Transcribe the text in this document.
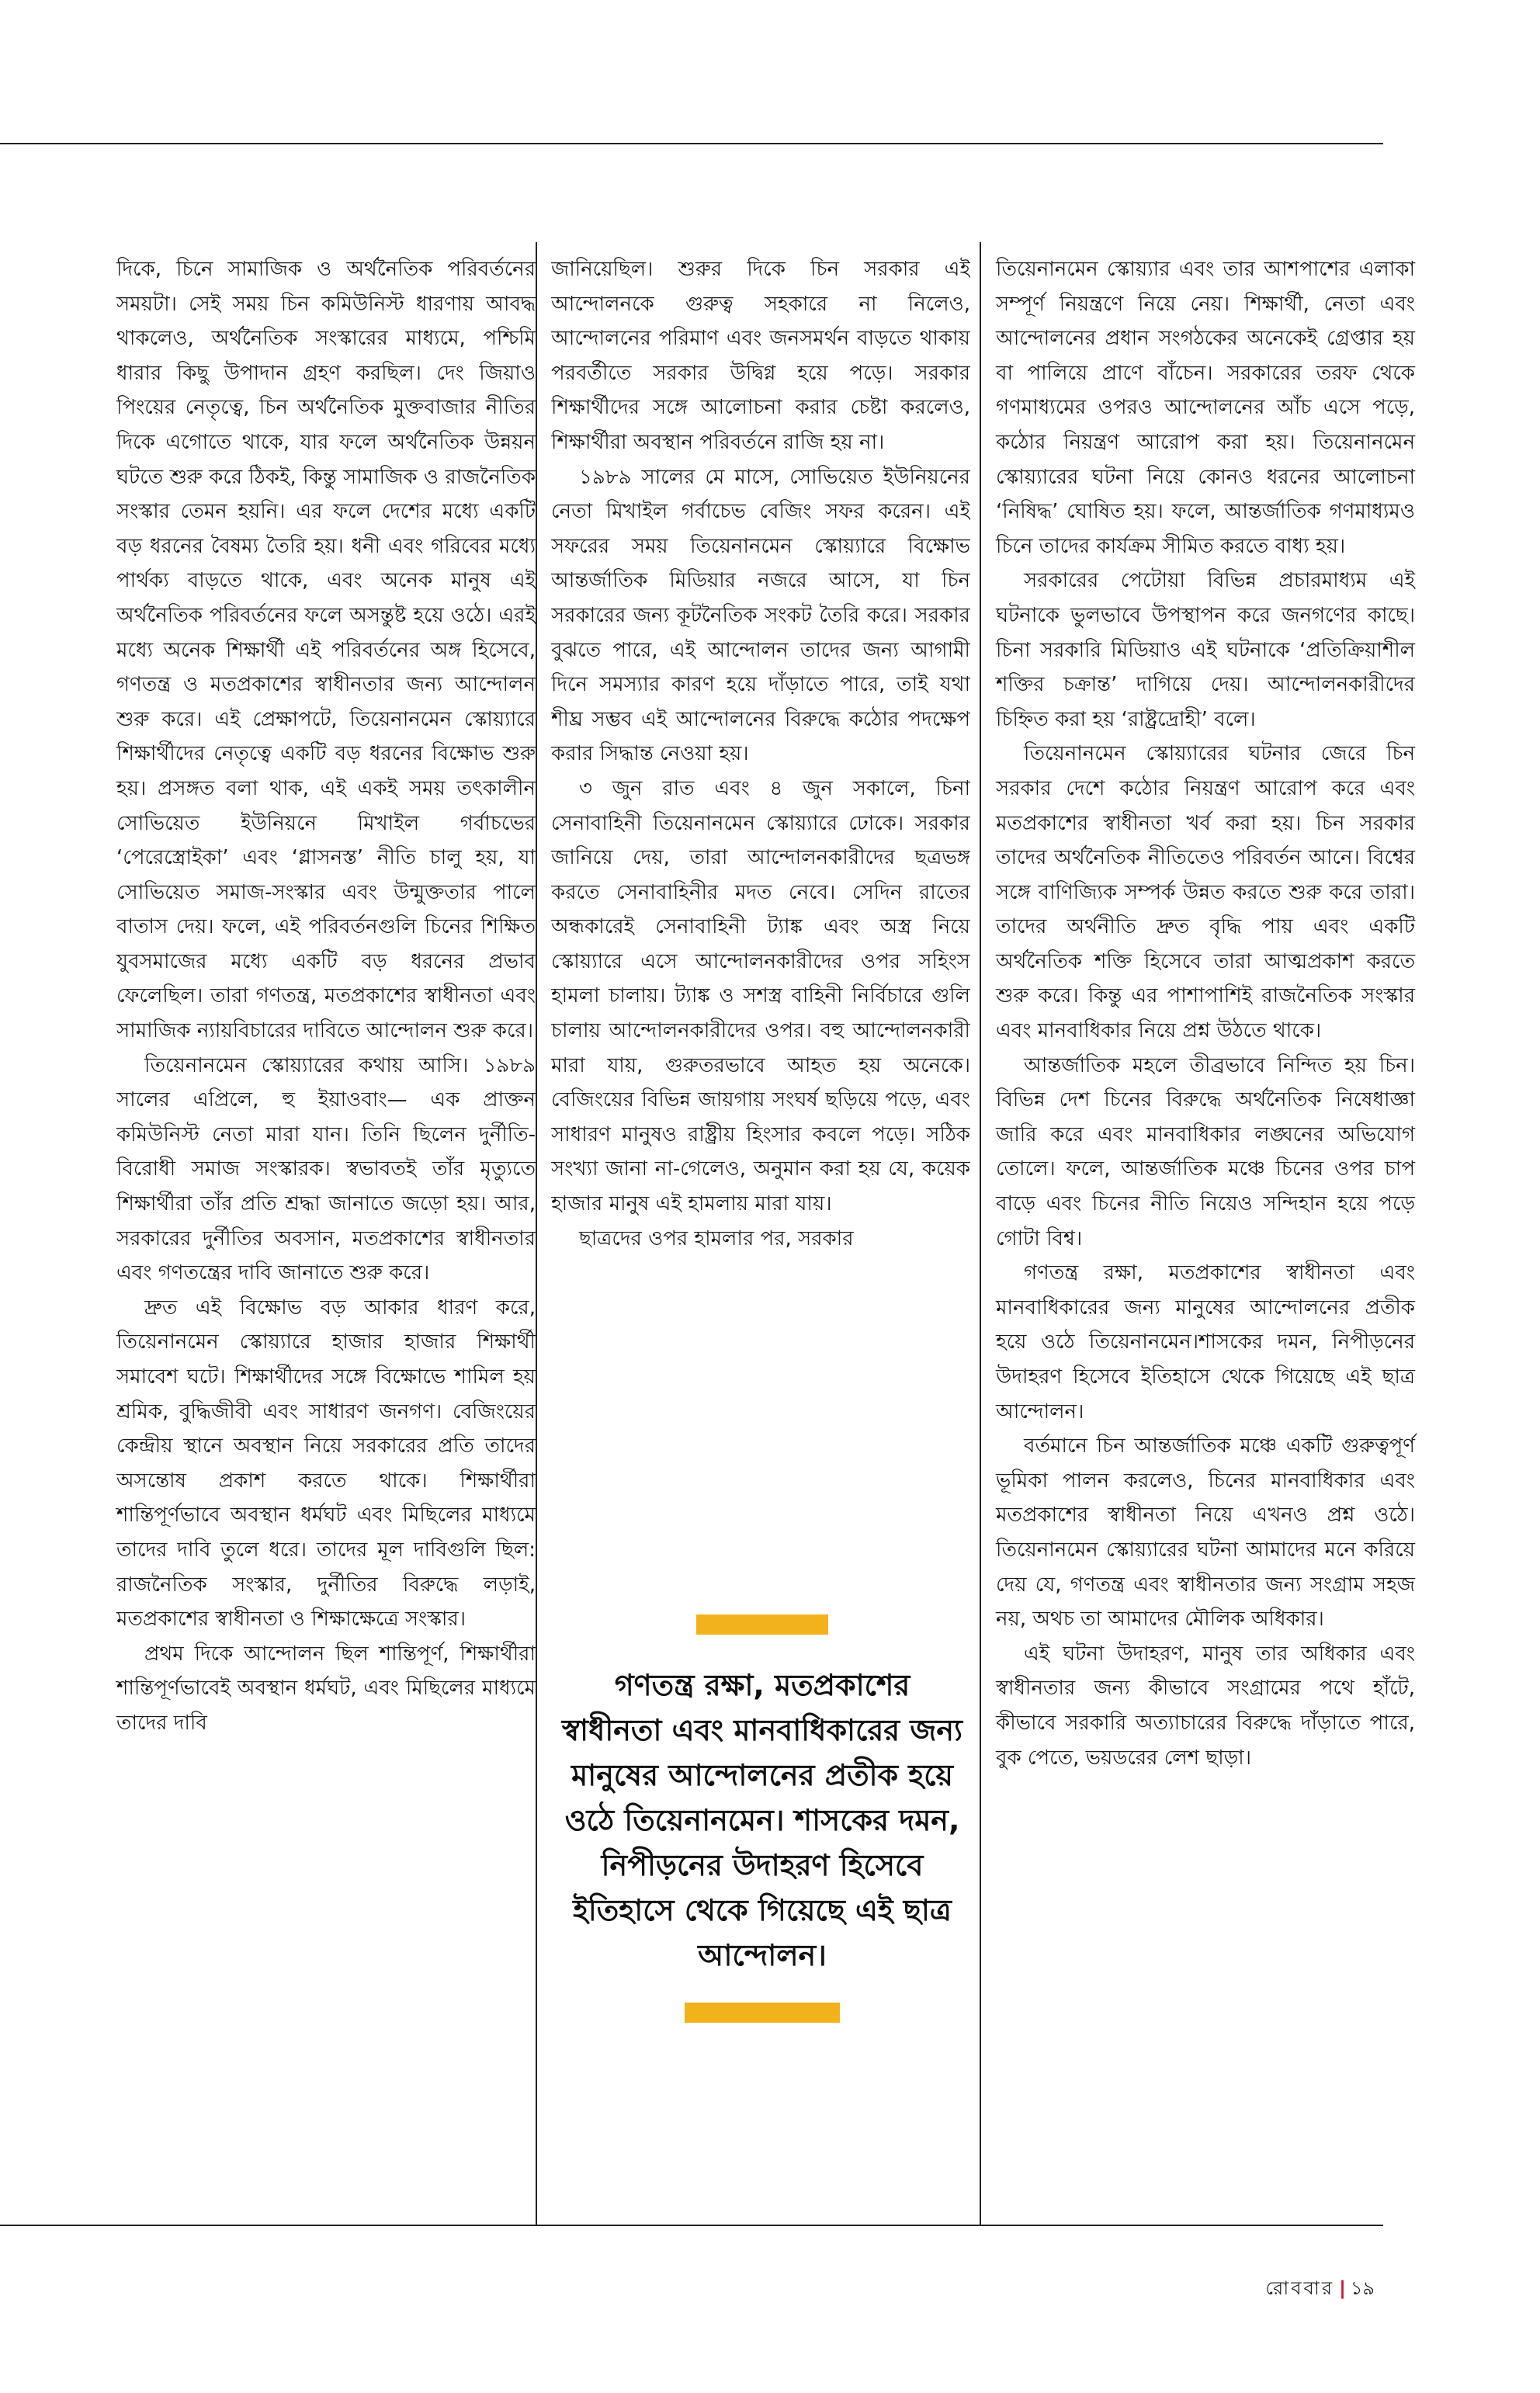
দিকে, চিনে সামাজিক ও অর্থনৈতিক পরিবর্তনের সময়টা। সেই সময় চিন কমিউনিস্ট ধারণায় আবদ্ধ থাকলেও, অর্থনৈতিক সংস্কারের মাধ্যমে, পশ্চিমি ধারার কিছু উপাদান গ্রহণ করছিল। দেং জিয়াও পিংয়ের নেতৃত্বে, চিন অর্থনৈতিক মুক্তবাজার নীতির দিকে এগোতে থাকে, যার ফলে অর্থনৈতিক উন্নয়ন ঘটতে শুরু করে ঠিকই, কিন্তু সামাজিক ও রাজনৈতিক সংস্কার তেমন হয়নি। এর ফলে দেশের মধ্যে একটি বড় ধরনের বৈষম্য তৈরি হয়। ধনী এবং গরিবের মধ্যে পার্থক্য বাড়তে থাকে, এবং অনেক মানুষ এই অর্থনৈতিক পরিবর্তনের ফলে অসন্তুষ্ট হয়ে ওঠে। এরই মধ্যে অনেক শিক্ষার্থী এই পরিবর্তনের অঙ্গ হিসেবে, গণতন্ত্র ও মতপ্রকাশের স্বাধীনতার জন্য আন্দোলন শুরু করে। এই প্রেক্ষাপটে, তিয়েনানমেন স্কোয়্যারে শিক্ষার্থীদের নেতৃত্বে একটি বড় ধরনের বিক্ষোভ শুরু হয়। প্রসঙ্গত বলা থাক, এই একই সময় তৎকালীন সোভিয়েত ইউনিয়নে মিখাইল গর্বাচভের ‘পেরেস্ত্রোইকা’ এবং ‘গ্লাসনস্ত’ নীতি চালু হয়, যা সোভিয়েত সমাজ-সংস্কার এবং উন্মুক্ততার পালে বাতাস দেয়। ফলে, এই পরিবর্তনগুলি চিনের শিক্ষিত যুবসমাজের মধ্যে একটি বড় ধরনের প্রভাব ফেলেছিল। তারা গণতন্ত্র, মতপ্রকাশের স্বাধীনতা এবং সামাজিক ন্যায়বিচারের দাবিতে আন্দোলন শুরু করে।

তিয়েনানমেন স্কোয়্যারের কথায় আসি। ১৯৮৯ সালের এপ্রিলে, হু ইয়াওবাং— এক প্রাক্তন কমিউনিস্ট নেতা মারা যান। তিনি ছিলেন দুর্নীতি-বিরোধী সমাজ সংস্কারক। স্বভাবতই তাঁর মৃত্যুতে শিক্ষার্থীরা তাঁর প্রতি শ্রদ্ধা জানাতে জড়ো হয়। আর, সরকারের দুর্নীতির অবসান, মতপ্রকাশের স্বাধীনতার এবং গণতন্ত্রের দাবি জানাতে শুরু করে।

দ্রুত এই বিক্ষোভ বড় আকার ধারণ করে, তিয়েনানমেন স্কোয়্যারে হাজার হাজার শিক্ষার্থী সমাবেশ ঘটে। শিক্ষার্থীদের সঙ্গে বিক্ষোভে শামিল হয় শ্রমিক, বুদ্ধিজীবী এবং সাধারণ জনগণ। বেজিংয়ের কেন্দ্রীয় স্থানে অবস্থান নিয়ে সরকারের প্রতি তাদের অসন্তোষ প্রকাশ করতে থাকে। শিক্ষার্থীরা শান্তিপূর্ণভাবে অবস্থান ধর্মঘট এবং মিছিলের মাধ্যমে তাদের দাবি তুলে ধরে। তাদের মূল দাবিগুলি ছিল: রাজনৈতিক সংস্কার, দুর্নীতির বিরুদ্ধে লড়াই, মতপ্রকাশের স্বাধীনতা ও শিক্ষাক্ষেত্রে সংস্কার।

প্রথম দিকে আন্দোলন ছিল শান্তিপূর্ণ, শিক্ষার্থীরা শান্তিপূর্ণভাবেই অবস্থান ধর্মঘট, এবং মিছিলের মাধ্যমে তাদের দাবি

জানিয়েছিল। শুরুর দিকে চিন সরকার এই আন্দোলনকে গুরুত্ব সহকারে না নিলেও, আন্দোলনের পরিমাণ এবং জনসমর্থন বাড়তে থাকায় পরবর্তীতে সরকার উদ্বিগ্ন হয়ে পড়ে। সরকার শিক্ষার্থীদের সঙ্গে আলোচনা করার চেষ্টা করলেও, শিক্ষার্থীরা অবস্থান পরিবর্তনে রাজি হয় না।

১৯৮৯ সালের মে মাসে, সোভিয়েত ইউনিয়নের নেতা মিখাইল গর্বাচেভ বেজিং সফর করেন। এই সফরের সময় তিয়েনানমেন স্কোয়্যারে বিক্ষোভ আন্তর্জাতিক মিডিয়ার নজরে আসে, যা চিন সরকারের জন্য কূটনৈতিক সংকট তৈরি করে। সরকার বুঝতে পারে, এই আন্দোলন তাদের জন্য আগামী দিনে সমস্যার কারণ হয়ে দাঁড়াতে পারে, তাই যথা শীঘ্র সম্ভব এই আন্দোলনের বিরুদ্ধে কঠোর পদক্ষেপ করার সিদ্ধান্ত নেওয়া হয়।

৩ জুন রাত এবং ৪ জুন সকালে, চিনা সেনাবাহিনী তিয়েনানমেন স্কোয়্যারে ঢোকে। সরকার জানিয়ে দেয়, তারা আন্দোলনকারীদের ছত্রভঙ্গ করতে সেনাবাহিনীর মদত নেবে। সেদিন রাতের অন্ধকারেই সেনাবাহিনী ট্যাঙ্ক এবং অস্ত্র নিয়ে স্কোয়্যারে এসে আন্দোলনকারীদের ওপর সহিংস হামলা চালায়। ট্যাঙ্ক ও সশস্ত্র বাহিনী নির্বিচারে গুলি চালায় আন্দোলনকারীদের ওপর। বহু আন্দোলনকারী মারা যায়, গুরুতরভাবে আহত হয় অনেকে। বেজিংয়ের বিভিন্ন জায়গায় সংঘর্ষ ছড়িয়ে পড়ে, এবং সাধারণ মানুষও রাষ্ট্রীয় হিংসার কবলে পড়ে। সঠিক সংখ্যা জানা না-গেলেও, অনুমান করা হয় যে, কয়েক হাজার মানুষ এই হামলায় মারা যায়।

ছাত্রদের ওপর হামলার পর, সরকার

গণতন্ত্র রক্ষা, মতপ্রকাশের স্বাধীনতা এবং মানবাধিকারের জন্য মানুষের আন্দোলনের প্রতীক হয়ে ওঠে তিয়েনানমেন। শাসকের দমন, নিপীড়নের উদাহরণ হিসেবে ইতিহাসে থেকে গিয়েছে এই ছাত্র আন্দোলন।

তিয়েনানমেন স্কোয়্যার এবং তার আশপাশের এলাকা সম্পূর্ণ নিয়ন্ত্রণে নিয়ে নেয়। শিক্ষার্থী, নেতা এবং আন্দোলনের প্রধান সংগঠকের অনেকেই গ্রেপ্তার হয় বা পালিয়ে প্রাণে বাঁচেন। সরকারের তরফ থেকে গণমাধ্যমের ওপরও আন্দোলনের আঁচ এসে পড়ে, কঠোর নিয়ন্ত্রণ আরোপ করা হয়। তিয়েনানমেন স্কোয়্যারের ঘটনা নিয়ে কোনও ধরনের আলোচনা ‘নিষিদ্ধ’ ঘোষিত হয়। ফলে, আন্তর্জাতিক গণমাধ্যমও চিনে তাদের কার্যক্রম সীমিত করতে বাধ্য হয়।

সরকারের পেটোয়া বিভিন্ন প্রচারমাধ্যম এই ঘটনাকে ভুলভাবে উপস্থাপন করে জনগণের কাছে। চিনা সরকারি মিডিয়াও এই ঘটনাকে ‘প্রতিক্রিয়াশীল শক্তির চক্রান্ত’ দাগিয়ে দেয়। আন্দোলনকারীদের চিহ্নিত করা হয় ‘রাষ্ট্রদ্রোহী’ বলে।

তিয়েনানমেন স্কোয়্যারের ঘটনার জেরে চিন সরকার দেশে কঠোর নিয়ন্ত্রণ আরোপ করে এবং মতপ্রকাশের স্বাধীনতা খর্ব করা হয়। চিন সরকার তাদের অর্থনৈতিক নীতিতেও পরিবর্তন আনে। বিশ্বের সঙ্গে বাণিজ্যিক সম্পর্ক উন্নত করতে শুরু করে তারা। তাদের অর্থনীতি দ্রুত বৃদ্ধি পায় এবং একটি অর্থনৈতিক শক্তি হিসেবে তারা আত্মপ্রকাশ করতে শুরু করে। কিন্তু এর পাশাপাশিই রাজনৈতিক সংস্কার এবং মানবাধিকার নিয়ে প্রশ্ন উঠতে থাকে।

আন্তর্জাতিক মহলে তীব্রভাবে নিন্দিত হয় চিন। বিভিন্ন দেশ চিনের বিরুদ্ধে অর্থনৈতিক নিষেধাজ্ঞা জারি করে এবং মানবাধিকার লঙ্ঘনের অভিযোগ তোলে। ফলে, আন্তর্জাতিক মঞ্চে চিনের ওপর চাপ বাড়ে এবং চিনের নীতি নিয়েও সন্দিহান হয়ে পড়ে গোটা বিশ্ব।

গণতন্ত্র রক্ষা, মতপ্রকাশের স্বাধীনতা এবং মানবাধিকারের জন্য মানুষের আন্দোলনের প্রতীক হয়ে ওঠে তিয়েনানমেন।শাসকের দমন, নিপীড়নের উদাহরণ হিসেবে ইতিহাসে থেকে গিয়েছে এই ছাত্র আন্দোলন।

বর্তমানে চিন আন্তর্জাতিক মঞ্চে একটি গুরুত্বপূর্ণ ভূমিকা পালন করলেও, চিনের মানবাধিকার এবং মতপ্রকাশের স্বাধীনতা নিয়ে এখনও প্রশ্ন ওঠে। তিয়েনানমেন স্কোয়্যারের ঘটনা আমাদের মনে করিয়ে দেয় যে, গণতন্ত্র এবং স্বাধীনতার জন্য সংগ্রাম সহজ নয়, অথচ তা আমাদের মৌলিক অধিকার।

এই ঘটনা উদাহরণ, মানুষ তার অধিকার এবং স্বাধীনতার জন্য কীভাবে সংগ্রামের পথে হাঁটে, কীভাবে সরকারি অত্যাচারের বিরুদ্ধে দাঁড়াতে পারে, বুক পেতে, ভয়ডরের লেশ ছাড়া।

রোববার | ১৯
